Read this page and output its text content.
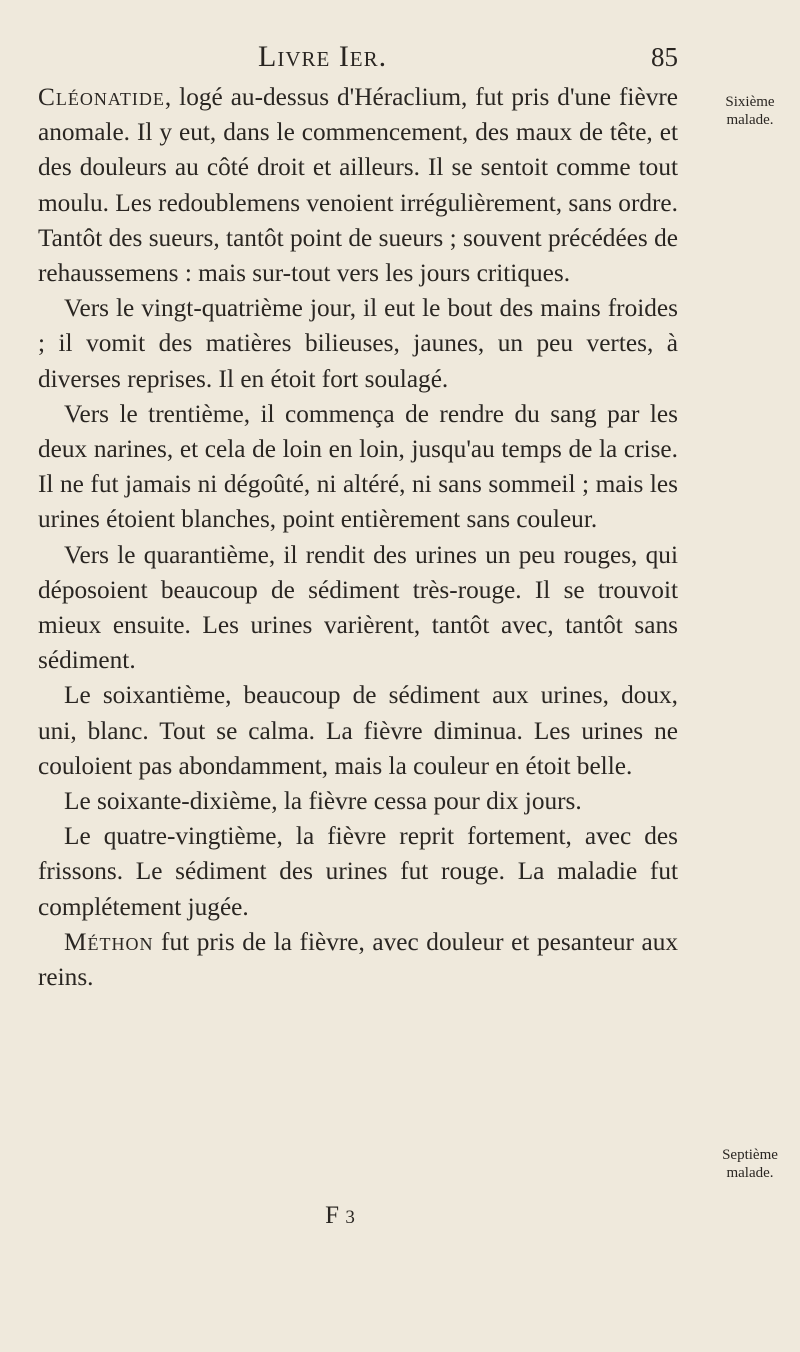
Livre Ier.	85

Cléonatide, logé au-dessus d'Héraclium, fut pris d'une fièvre anomale. Il y eut, dans le commencement, des maux de tête, et des douleurs au côté droit et ailleurs. Il se sentoit comme tout moulu. Les redoublemens venoient irrégulièrement, sans ordre. Tantôt des sueurs, tantôt point de sueurs ; souvent précédées de rehaussemens : mais sur-tout vers les jours critiques.

Vers le vingt-quatrième jour, il eut le bout des mains froides ; il vomit des matières bilieuses, jaunes, un peu vertes, à diverses reprises. Il en étoit fort soulagé.

Vers le trentième, il commença de rendre du sang par les deux narines, et cela de loin en loin, jusqu'au temps de la crise. Il ne fut jamais ni dégoûté, ni altéré, ni sans sommeil ; mais les urines étoient blanches, point entièrement sans couleur.

Vers le quarantième, il rendit des urines un peu rouges, qui déposoient beaucoup de sédiment très-rouge. Il se trouvoit mieux ensuite. Les urines varièrent, tantôt avec, tantôt sans sédiment.

Le soixantième, beaucoup de sédiment aux urines, doux, uni, blanc. Tout se calma. La fièvre diminua. Les urines ne couloient pas abondamment, mais la couleur en étoit belle.

Le soixante-dixième, la fièvre cessa pour dix jours.

Le quatre-vingtième, la fièvre reprit fortement, avec des frissons. Le sédiment des urines fut rouge. La maladie fut complétement jugée.

Méthon fut pris de la fièvre, avec douleur et pesanteur aux reins.

Sixième
malade.
Septième
malade.
F 3
